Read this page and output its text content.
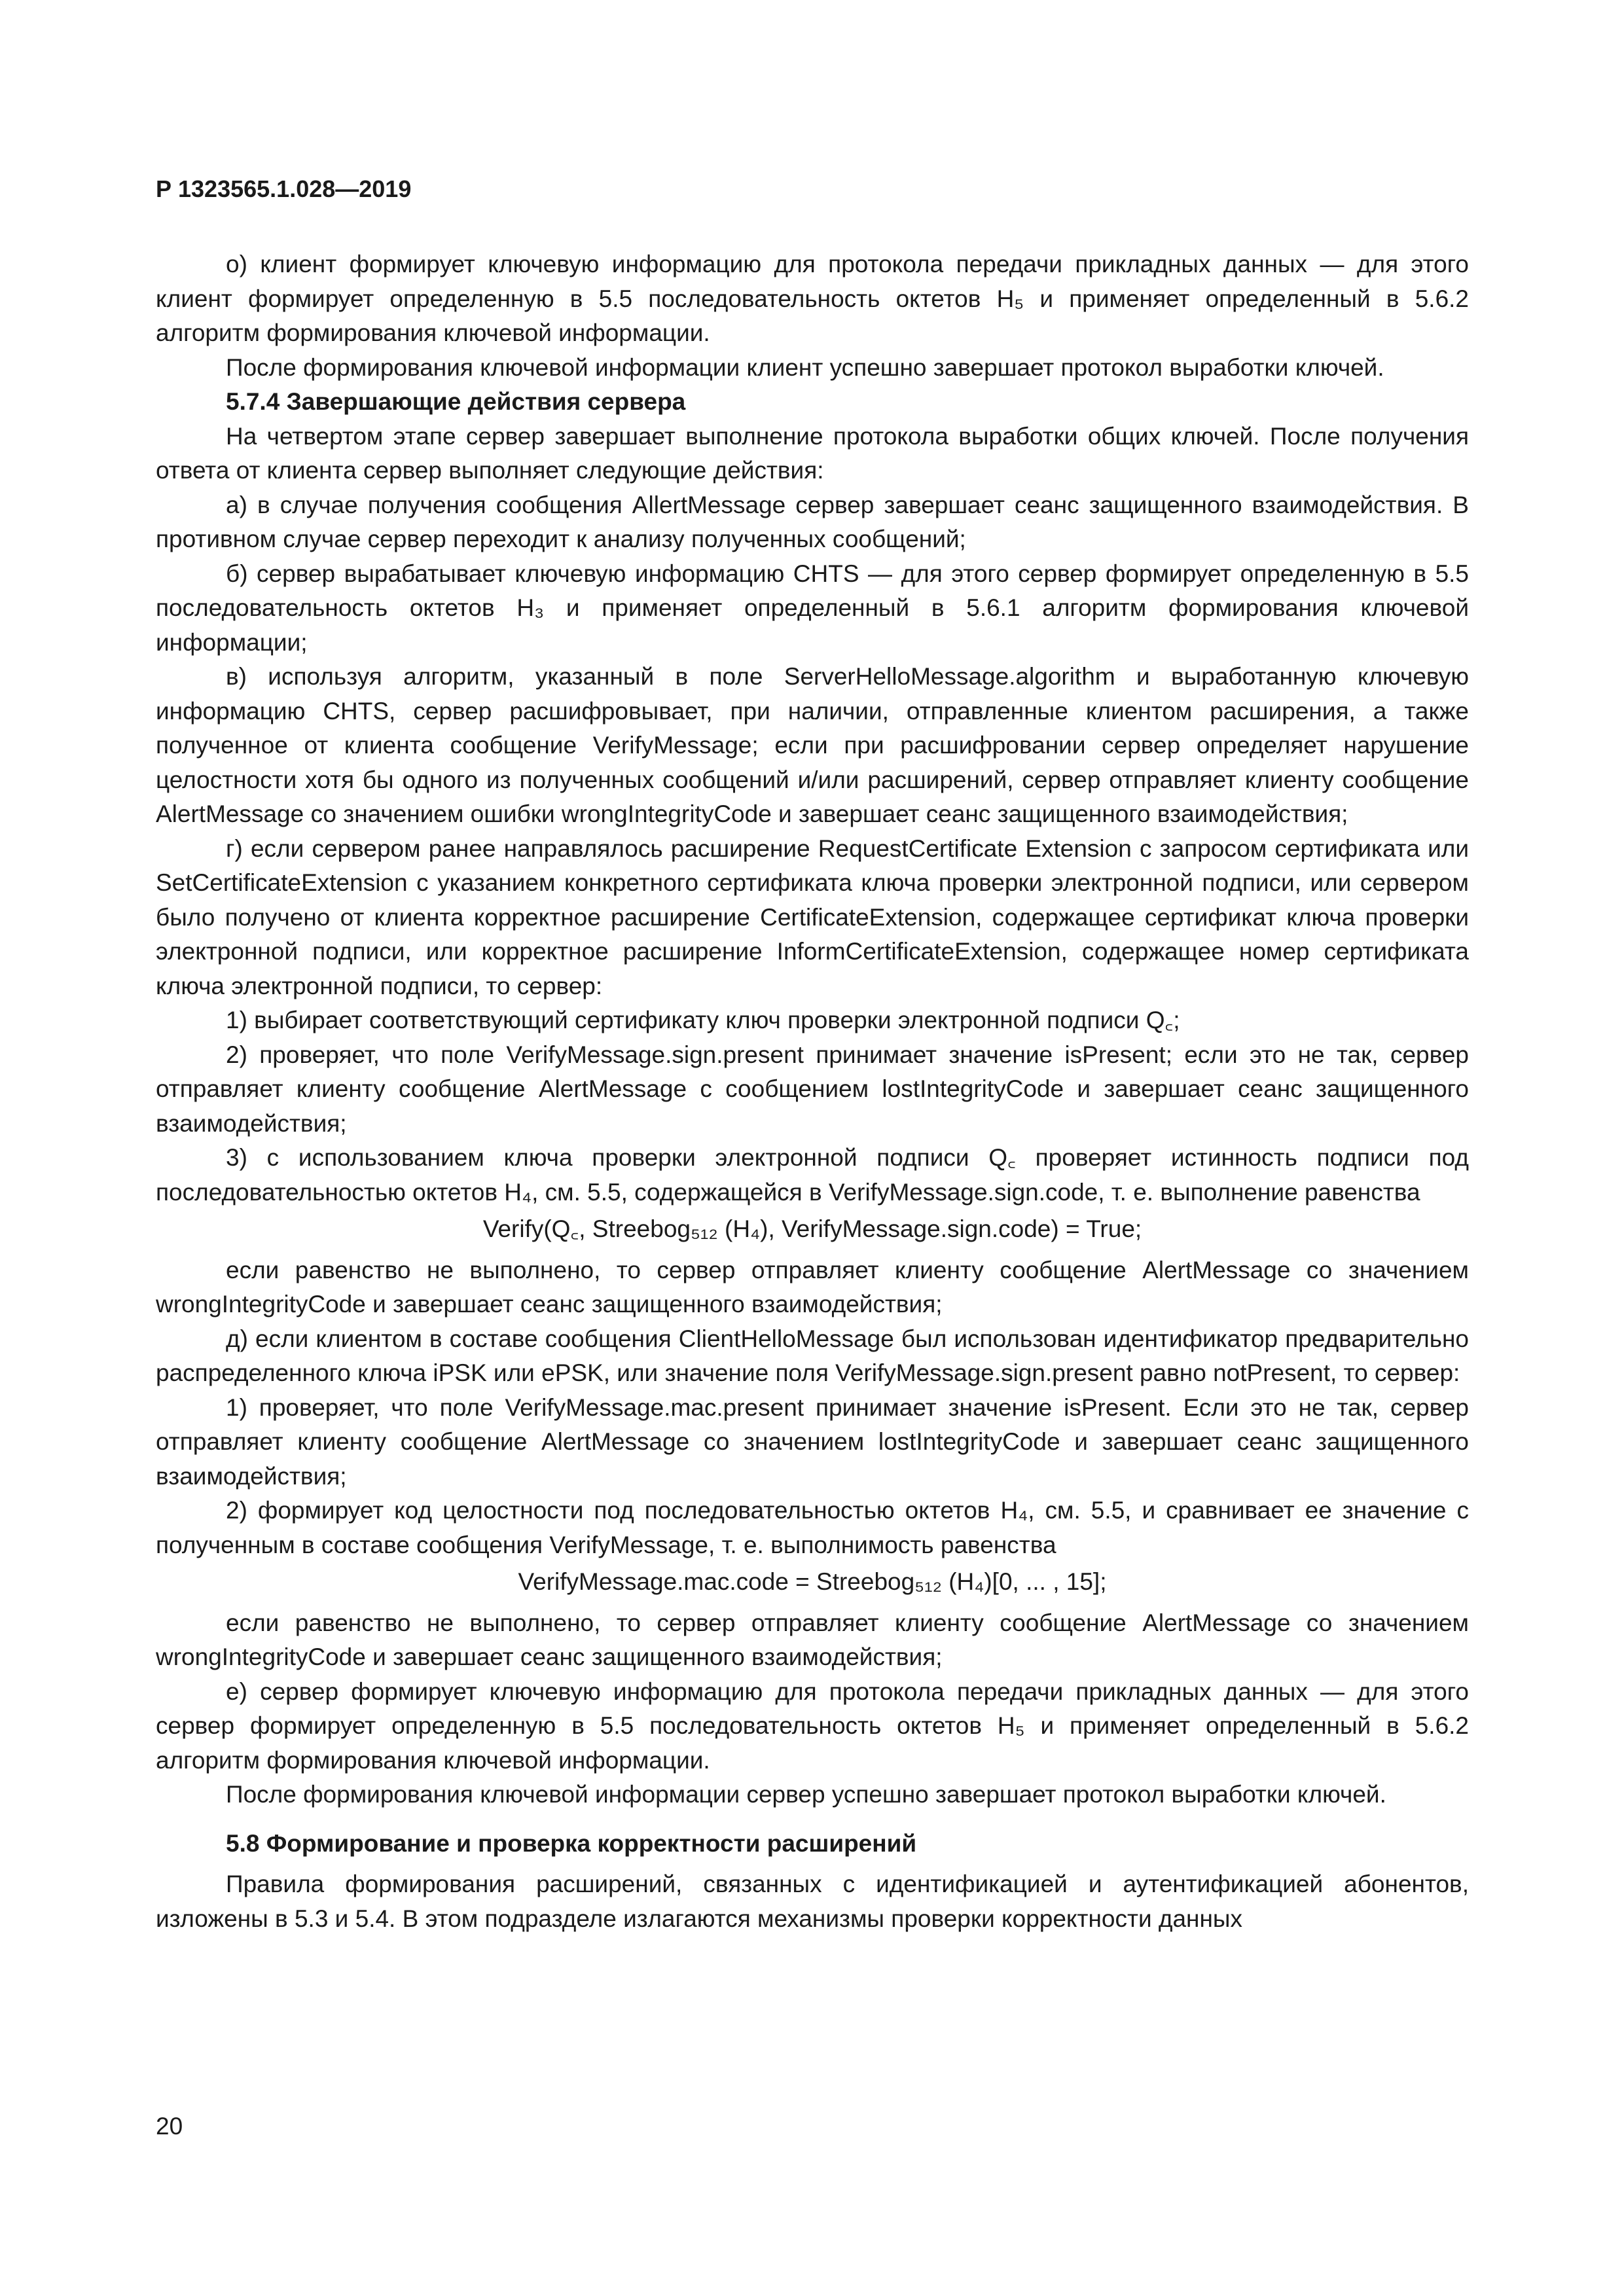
Р 1323565.1.028—2019

о) клиент формирует ключевую информацию для протокола передачи прикладных данных — для этого клиент формирует определенную в 5.5 последовательность октетов H₅ и применяет определенный в 5.6.2 алгоритм формирования ключевой информации.

После формирования ключевой информации клиент успешно завершает протокол выработки ключей.

5.7.4 Завершающие действия сервера

На четвертом этапе сервер завершает выполнение протокола выработки общих ключей. После получения ответа от клиента сервер выполняет следующие действия:

а) в случае получения сообщения AllertMessage сервер завершает сеанс защищенного взаимодействия. В противном случае сервер переходит к анализу полученных сообщений;

б) сервер вырабатывает ключевую информацию CHTS — для этого сервер формирует определенную в 5.5 последовательность октетов H₃ и применяет определенный в 5.6.1 алгоритм формирования ключевой информации;

в) используя алгоритм, указанный в поле ServerHelloMessage.algorithm и выработанную ключевую информацию CHTS, сервер расшифровывает, при наличии, отправленные клиентом расширения, а также полученное от клиента сообщение VerifyMessage; если при расшифровании сервер определяет нарушение целостности хотя бы одного из полученных сообщений и/или расширений, сервер отправляет клиенту сообщение AlertMessage со значением ошибки wrongIntegrityCode и завершает сеанс защищенного взаимодействия;

г) если сервером ранее направлялось расширение RequestCertificate Extension с запросом сертификата или SetCertificateExtension с указанием конкретного сертификата ключа проверки электронной подписи, или сервером было получено от клиента корректное расширение CertificateExtension, содержащее сертификат ключа проверки электронной подписи, или корректное расширение InformCertificateExtension, содержащее номер сертификата ключа электронной подписи, то сервер:

1) выбирает соответствующий сертификату ключ проверки электронной подписи Q꜀;

2) проверяет, что поле VerifyMessage.sign.present принимает значение isPresent; если это не так, сервер отправляет клиенту сообщение AlertMessage с сообщением lostIntegrityCode и завершает сеанс защищенного взаимодействия;

3) с использованием ключа проверки электронной подписи Q꜀ проверяет истинность подписи под последовательностью октетов H₄, см. 5.5, содержащейся в VerifyMessage.sign.code, т. е. выполнение равенства

Verify(Q꜀, Streebog₅₁₂ (H₄), VerifyMessage.sign.code) = True;

если равенство не выполнено, то сервер отправляет клиенту сообщение AlertMessage со значением wrongIntegrityCode и завершает сеанс защищенного взаимодействия;

д) если клиентом в составе сообщения ClientHelloMessage был использован идентификатор предварительно распределенного ключа iPSK или ePSK, или значение поля VerifyMessage.sign.present равно notPresent, то сервер:

1) проверяет, что поле VerifyMessage.mac.present принимает значение isPresent. Если это не так, сервер отправляет клиенту сообщение AlertMessage со значением lostIntegrityCode и завершает сеанс защищенного взаимодействия;

2) формирует код целостности под последовательностью октетов H₄, см. 5.5, и сравнивает ее значение с полученным в составе сообщения VerifyMessage, т. е. выполнимость равенства

VerifyMessage.mac.code = Streebog₅₁₂ (H₄)[0, ... , 15];

если равенство не выполнено, то сервер отправляет клиенту сообщение AlertMessage со значением wrongIntegrityCode и завершает сеанс защищенного взаимодействия;

е) сервер формирует ключевую информацию для протокола передачи прикладных данных — для этого сервер формирует определенную в 5.5 последовательность октетов H₅ и применяет определенный в 5.6.2 алгоритм формирования ключевой информации.

После формирования ключевой информации сервер успешно завершает протокол выработки ключей.

5.8 Формирование и проверка корректности расширений

Правила формирования расширений, связанных с идентификацией и аутентификацией абонентов, изложены в 5.3 и 5.4. В этом подразделе излагаются механизмы проверки корректности данных

20
